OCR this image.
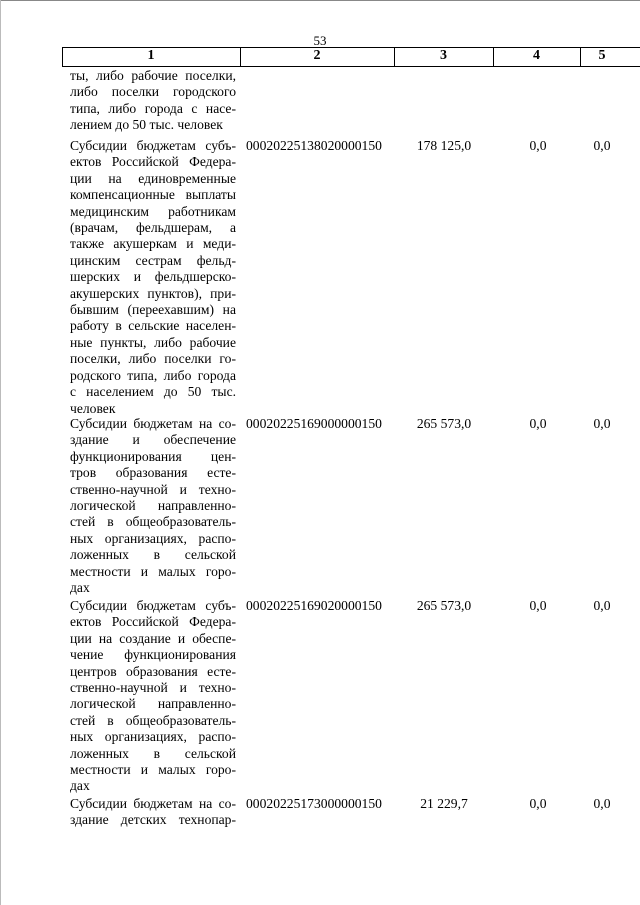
53
1	2	3	4	5
ты, либо рабочие поселки,
либо поселки городского
типа, либо города с насе-
лением до 50 тыс. человек
Субсидии бюджетам субъ-
ектов Российской Федера-
ции на единовременные
компенсационные выплаты
медицинским работникам
(врачам, фельдшерам, а
также акушеркам и меди-
цинским сестрам фельд-
шерских и фельдшерско-
акушерских пунктов), при-
бывшим (переехавшим) на
работу в сельские населен-
ные пункты, либо рабочие
поселки, либо поселки го-
родского типа, либо города
с населением до 50 тыс.
человек
00020225138020000150	178 125,0	0,0	0,0
Субсидии бюджетам на со-
здание и обеспечение
функционирования цен-
тров образования есте-
ственно-научной и техно-
логической направленно-
стей в общеобразователь-
ных организациях, распо-
ложенных в сельской
местности и малых горо-
дах
00020225169000000150	265 573,0	0,0	0,0
Субсидии бюджетам субъ-
ектов Российской Федера-
ции на создание и обеспе-
чение функционирования
центров образования есте-
ственно-научной и техно-
логической направленно-
стей в общеобразователь-
ных организациях, распо-
ложенных в сельской
местности и малых горо-
дах
00020225169020000150	265 573,0	0,0	0,0
Субсидии бюджетам на со-
здание детских технопар-
00020225173000000150	21 229,7	0,0	0,0
